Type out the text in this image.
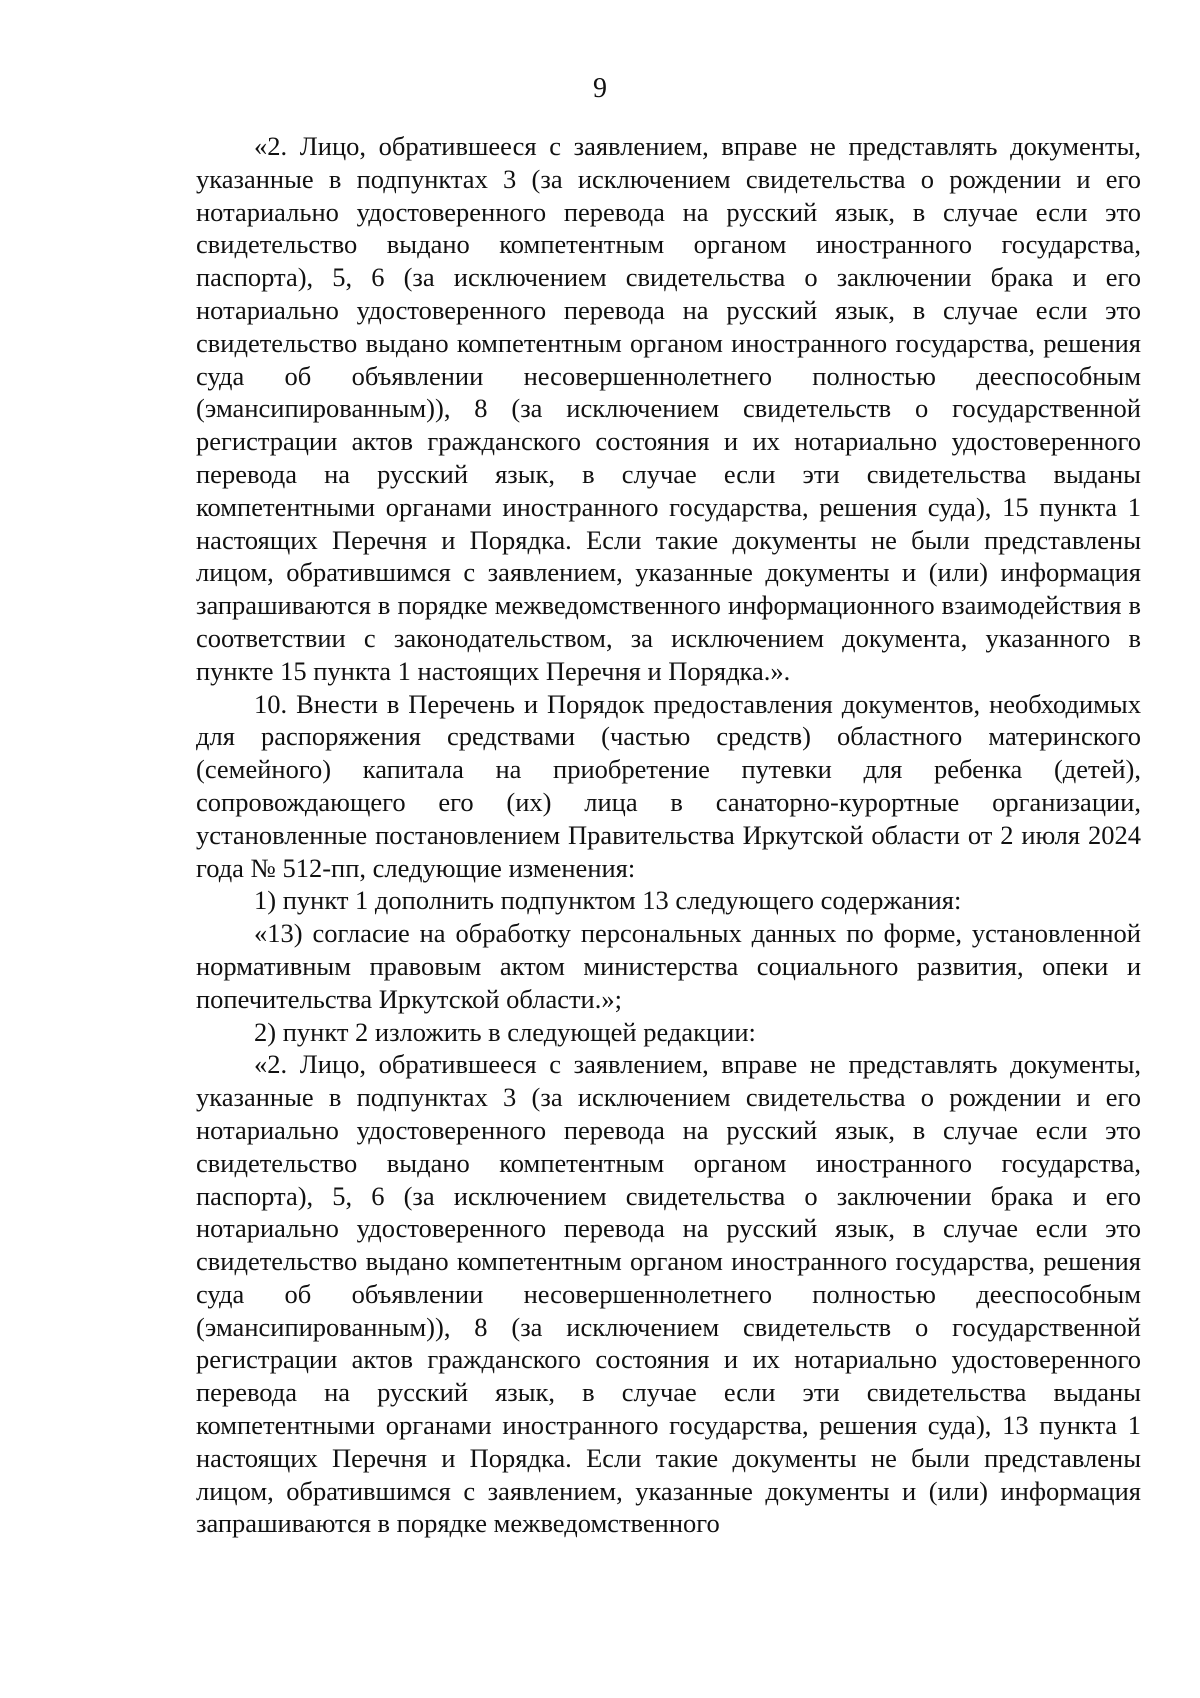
9

«2. Лицо, обратившееся с заявлением, вправе не представлять документы, указанные в подпунктах 3 (за исключением свидетельства о рождении и его нотариально удостоверенного перевода на русский язык, в случае если это свидетельство выдано компетентным органом иностранного государства, паспорта), 5, 6 (за исключением свидетельства о заключении брака и его нотариально удостоверенного перевода на русский язык, в случае если это свидетельство выдано компетентным органом иностранного государства, решения суда об объявлении несовершеннолетнего полностью дееспособным (эмансипированным)), 8 (за исключением свидетельств о государственной регистрации актов гражданского состояния и их нотариально удостоверенного перевода на русский язык, в случае если эти свидетельства выданы компетентными органами иностранного государства, решения суда), 15 пункта 1 настоящих Перечня и Порядка. Если такие документы не были представлены лицом, обратившимся с заявлением, указанные документы и (или) информация запрашиваются в порядке межведомственного информационного взаимодействия в соответствии с законодательством, за исключением документа, указанного в пункте 15 пункта 1 настоящих Перечня и Порядка.».

10. Внести в Перечень и Порядок предоставления документов, необходимых для распоряжения средствами (частью средств) областного материнского (семейного) капитала на приобретение путевки для ребенка (детей), сопровождающего его (их) лица в санаторно-курортные организации, установленные постановлением Правительства Иркутской области от 2 июля 2024 года № 512-пп, следующие изменения:

1) пункт 1 дополнить подпунктом 13 следующего содержания:

«13) согласие на обработку персональных данных по форме, установленной нормативным правовым актом министерства социального развития, опеки и попечительства Иркутской области.»;

2) пункт 2 изложить в следующей редакции:

«2. Лицо, обратившееся с заявлением, вправе не представлять документы, указанные в подпунктах 3 (за исключением свидетельства о рождении и его нотариально удостоверенного перевода на русский язык, в случае если это свидетельство выдано компетентным органом иностранного государства, паспорта), 5, 6 (за исключением свидетельства о заключении брака и его нотариально удостоверенного перевода на русский язык, в случае если это свидетельство выдано компетентным органом иностранного государства, решения суда об объявлении несовершеннолетнего полностью дееспособным (эмансипированным)), 8 (за исключением свидетельств о государственной регистрации актов гражданского состояния и их нотариально удостоверенного перевода на русский язык, в случае если эти свидетельства выданы компетентными органами иностранного государства, решения суда), 13 пункта 1 настоящих Перечня и Порядка. Если такие документы не были представлены лицом, обратившимся с заявлением, указанные документы и (или) информация запрашиваются в порядке межведомственного
